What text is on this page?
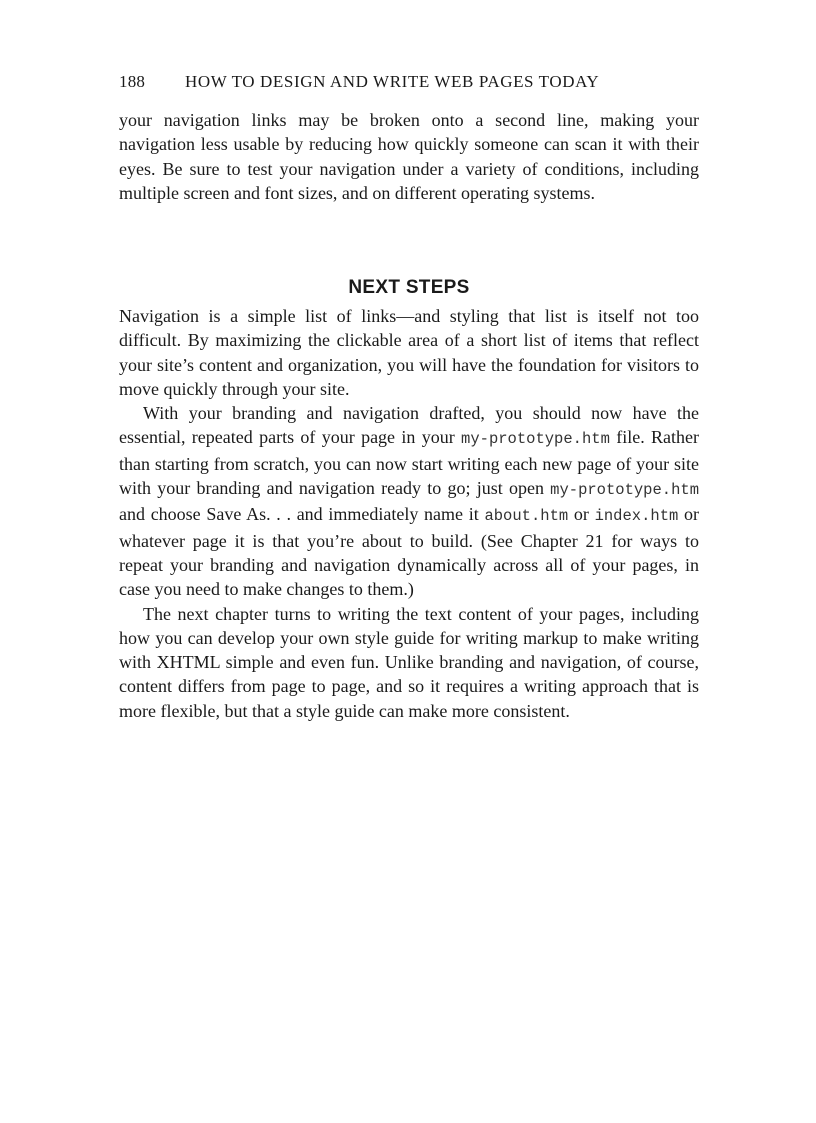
188 HOW TO DESIGN AND WRITE WEB PAGES TODAY

your navigation links may be broken onto a second line, making your navigation less usable by reducing how quickly someone can scan it with their eyes. Be sure to test your navigation under a variety of conditions, including multiple screen and font sizes, and on different operating systems.

NEXT STEPS

Navigation is a simple list of links—and styling that list is itself not too difficult. By maximizing the clickable area of a short list of items that reflect your site’s content and organization, you will have the foundation for visitors to move quickly through your site.

With your branding and navigation drafted, you should now have the essential, repeated parts of your page in your my-prototype.htm file. Rather than starting from scratch, you can now start writing each new page of your site with your branding and navigation ready to go; just open my-prototype.htm and choose Save As. . . and immediately name it about.htm or index.htm or whatever page it is that you’re about to build. (See Chapter 21 for ways to repeat your branding and navigation dynamically across all of your pages, in case you need to make changes to them.)

The next chapter turns to writing the text content of your pages, including how you can develop your own style guide for writing markup to make writing with XHTML simple and even fun. Unlike branding and navigation, of course, content differs from page to page, and so it requires a writing approach that is more flexible, but that a style guide can make more consistent.
